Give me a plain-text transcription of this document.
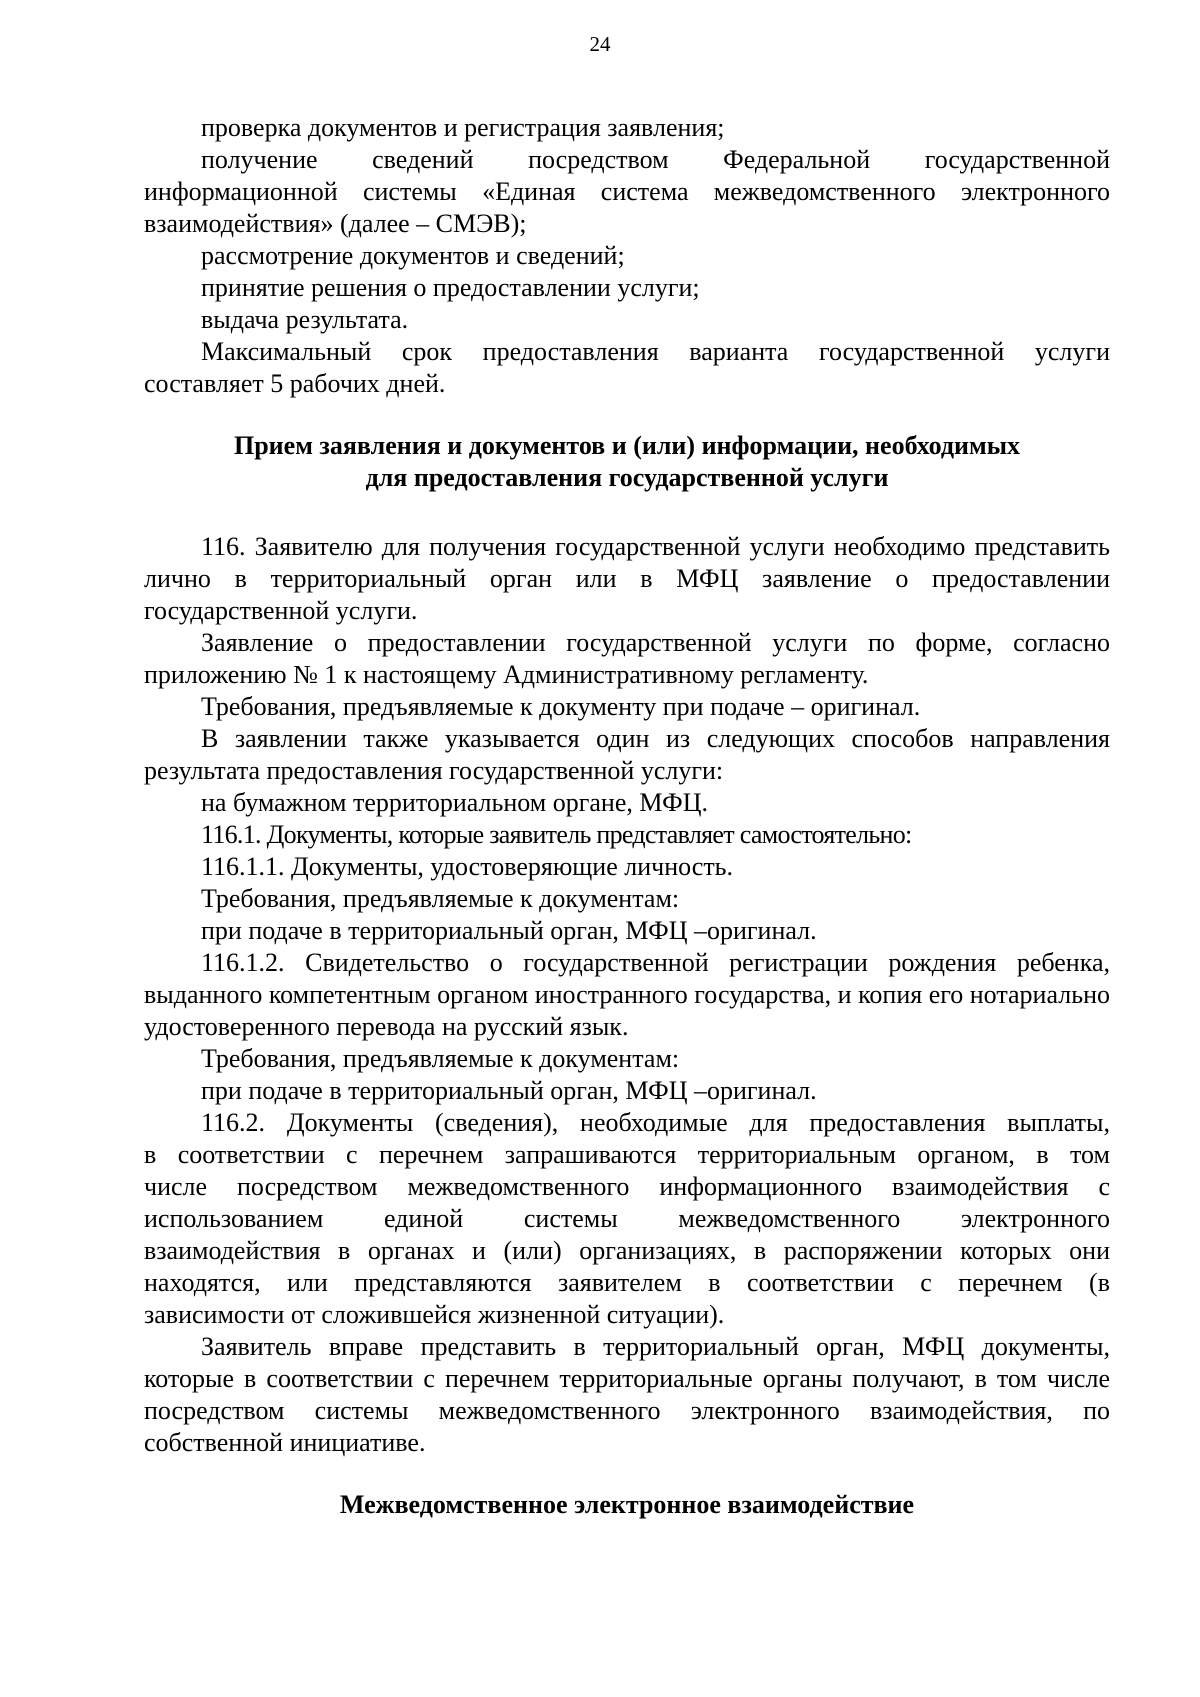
24

проверка документов и регистрация заявления;

получение сведений посредством Федеральной государственной информационной системы «Единая система межведомственного электронного взаимодействия» (далее – СМЭВ);

рассмотрение документов и сведений;

принятие решения о предоставлении услуги;

выдача результата.

Максимальный срок предоставления варианта государственной услуги составляет 5 рабочих дней.

Прием заявления и документов и (или) информации, необходимых
для предоставления государственной услуги

116. Заявителю для получения государственной услуги необходимо представить лично в территориальный орган или в МФЦ заявление о предоставлении государственной услуги.

Заявление о предоставлении государственной услуги по форме, согласно приложению № 1 к настоящему Административному регламенту.

Требования, предъявляемые к документу при подаче – оригинал.

В заявлении также указывается один из следующих способов направления результата предоставления государственной услуги:

на бумажном территориальном органе, МФЦ.

116.1. Документы, которые заявитель представляет самостоятельно:

116.1.1. Документы, удостоверяющие личность.

Требования, предъявляемые к документам:

при подаче в территориальный орган, МФЦ –оригинал.

116.1.2. Свидетельство о государственной регистрации рождения ребенка, выданного компетентным органом иностранного государства, и копия его нотариально удостоверенного перевода на русский язык.

Требования, предъявляемые к документам:

при подаче в территориальный орган, МФЦ –оригинал.

116.2. Документы (сведения), необходимые для предоставления выплаты,

в соответствии с перечнем запрашиваются территориальным органом, в том

числе посредством межведомственного информационного взаимодействия с

использованием единой системы межведомственного электронного

взаимодействия в органах и (или) организациях, в распоряжении которых они

находятся, или представляются заявителем в соответствии с перечнем (в

зависимости от сложившейся жизненной ситуации).

Заявитель вправе представить в территориальный орган, МФЦ документы, которые в соответствии с перечнем территориальные органы получают, в том числе посредством системы межведомственного электронного взаимодействия, по собственной инициативе.

Межведомственное электронное взаимодействие
